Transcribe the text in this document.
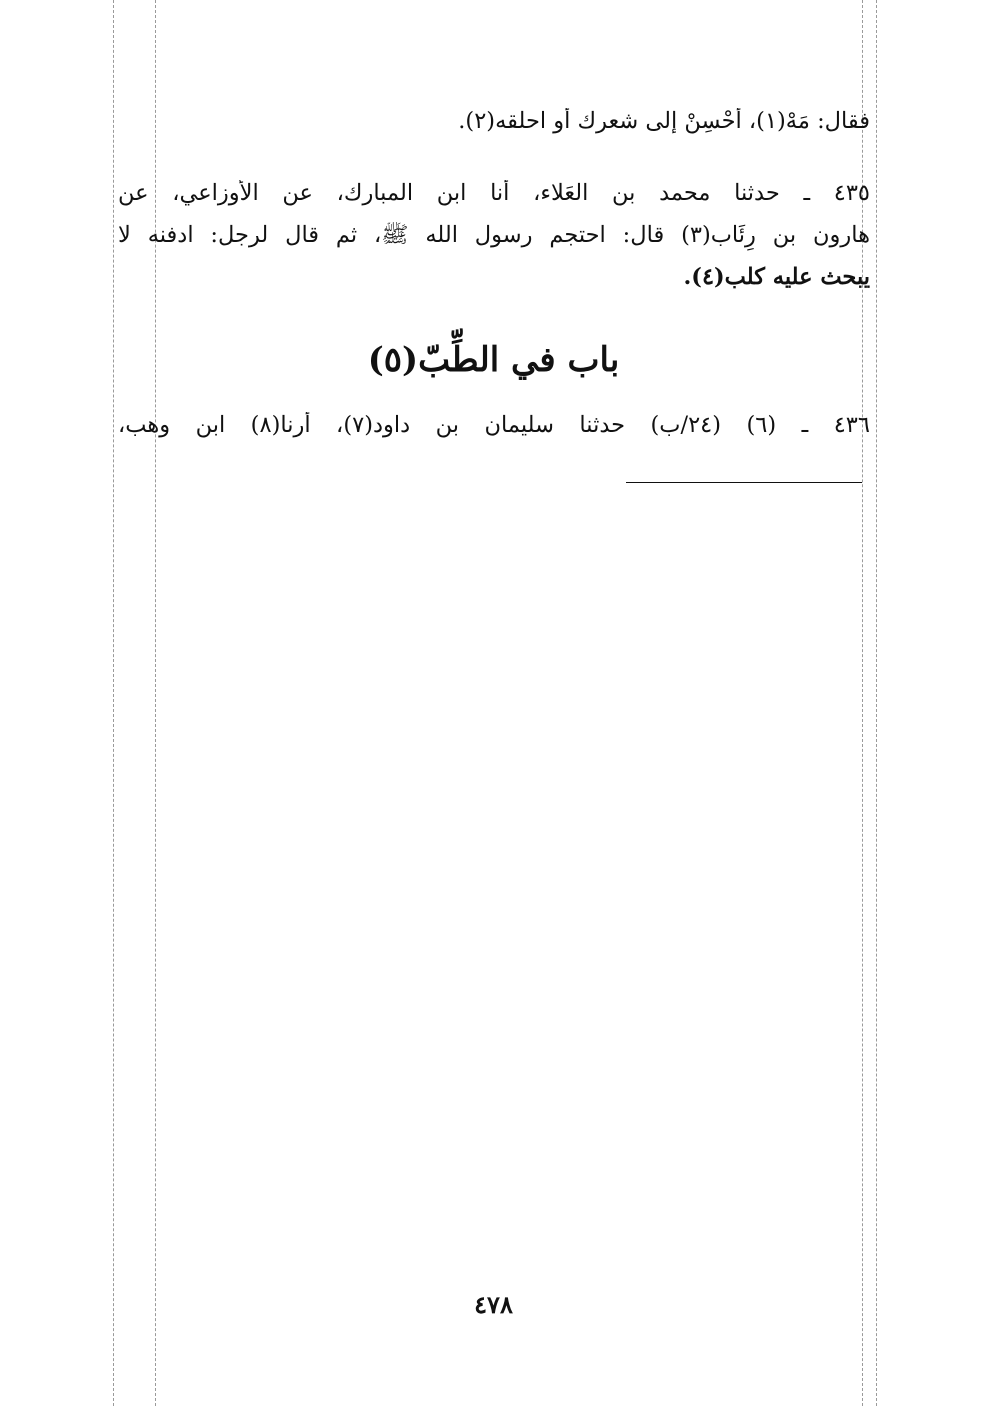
فقال: مَهْ(١)، أَحْسِنْ إلى شعرك أو احلقه(٢).
٤٣٥ ـ حدثنا محمد بن العَلاء، أنا ابن المبارك، عن الأوزاعي، عن
هارون بن رِئَاب(٣) قال: احتجم رسول الله ﷺ، ثم قال لرجل: ادفنه لا
يبحث عليه كلب(٤).
٤٣٦ ـ (٦) (٢٤/ب) حدثنا سليمان بن داود(٧)، أرنا(٨) ابن وهب،
باب في الطِّبّ(٥)
٤٧٨
